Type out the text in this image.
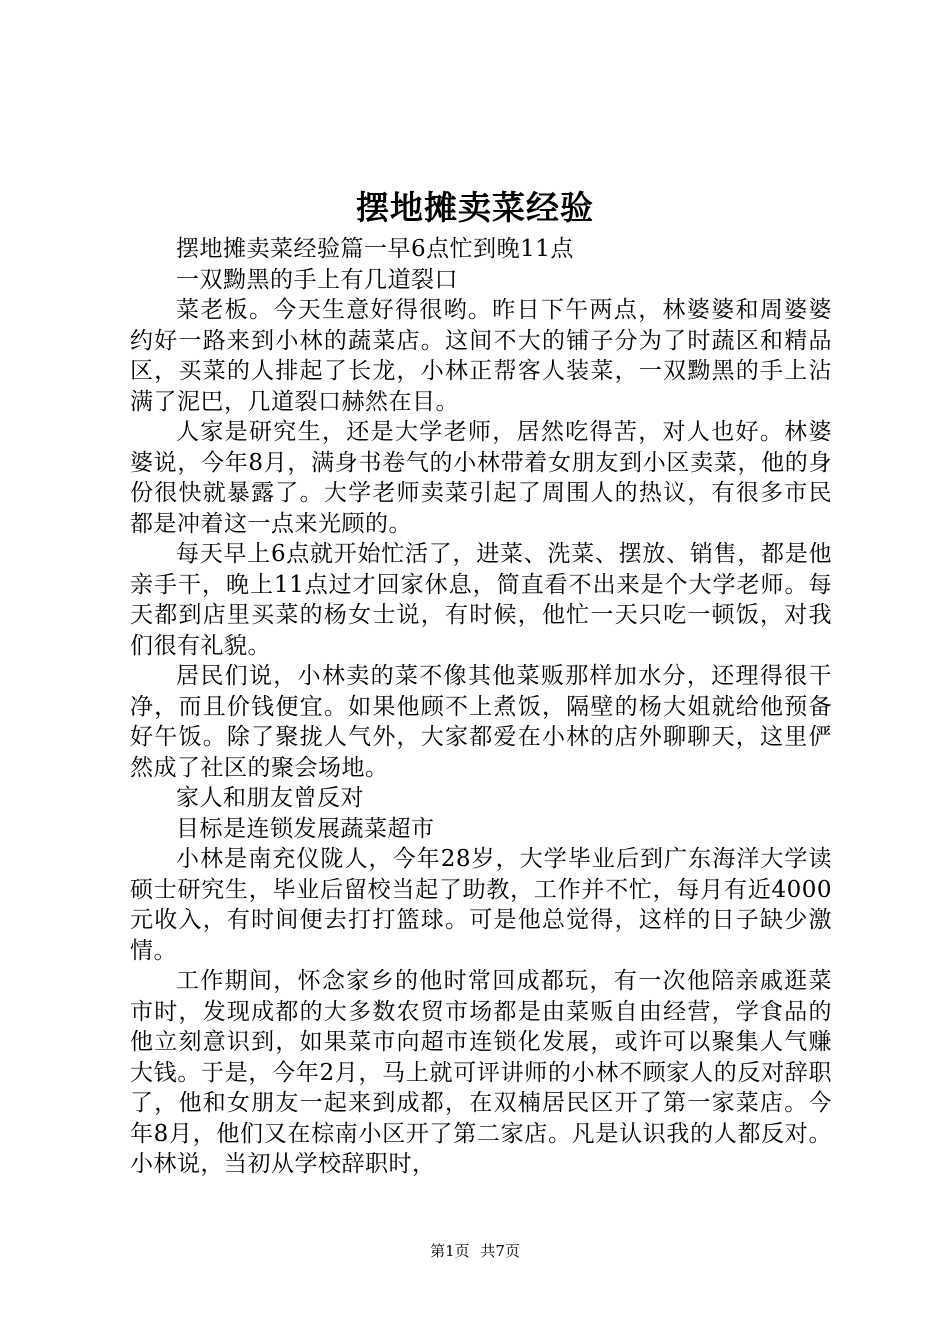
摆地摊卖菜经验

摆地摊卖菜经验篇一早6点忙到晚11点

一双黝黑的手上有几道裂口

菜老板。今天生意好得很哟。昨日下午两点，林婆婆和周婆婆约好一路来到小林的蔬菜店。这间不大的铺子分为了时蔬区和精品区，买菜的人排起了长龙，小林正帮客人装菜，一双黝黑的手上沾满了泥巴，几道裂口赫然在目。

人家是研究生，还是大学老师，居然吃得苦，对人也好。林婆婆说，今年8月，满身书卷气的小林带着女朋友到小区卖菜，他的身份很快就暴露了。大学老师卖菜引起了周围人的热议，有很多市民都是冲着这一点来光顾的。

每天早上6点就开始忙活了，进菜、洗菜、摆放、销售，都是他亲手干，晚上11点过才回家休息，简直看不出来是个大学老师。每天都到店里买菜的杨女士说，有时候，他忙一天只吃一顿饭，对我们很有礼貌。

居民们说，小林卖的菜不像其他菜贩那样加水分，还理得很干净，而且价钱便宜。如果他顾不上煮饭，隔壁的杨大姐就给他预备好午饭。除了聚拢人气外，大家都爱在小林的店外聊聊天，这里俨然成了社区的聚会场地。

家人和朋友曾反对

目标是连锁发展蔬菜超市

小林是南充仪陇人，今年28岁，大学毕业后到广东海洋大学读硕士研究生，毕业后留校当起了助教，工作并不忙，每月有近4000元收入，有时间便去打打篮球。可是他总觉得，这样的日子缺少激情。

工作期间，怀念家乡的他时常回成都玩，有一次他陪亲戚逛菜市时，发现成都的大多数农贸市场都是由菜贩自由经营，学食品的他立刻意识到，如果菜市向超市连锁化发展，或许可以聚集人气赚大钱。于是，今年2月，马上就可评讲师的小林不顾家人的反对辞职了，他和女朋友一起来到成都，在双楠居民区开了第一家菜店。今年8月，他们又在棕南小区开了第二家店。凡是认识我的人都反对。小林说，当初从学校辞职时，

第1页 共7页
